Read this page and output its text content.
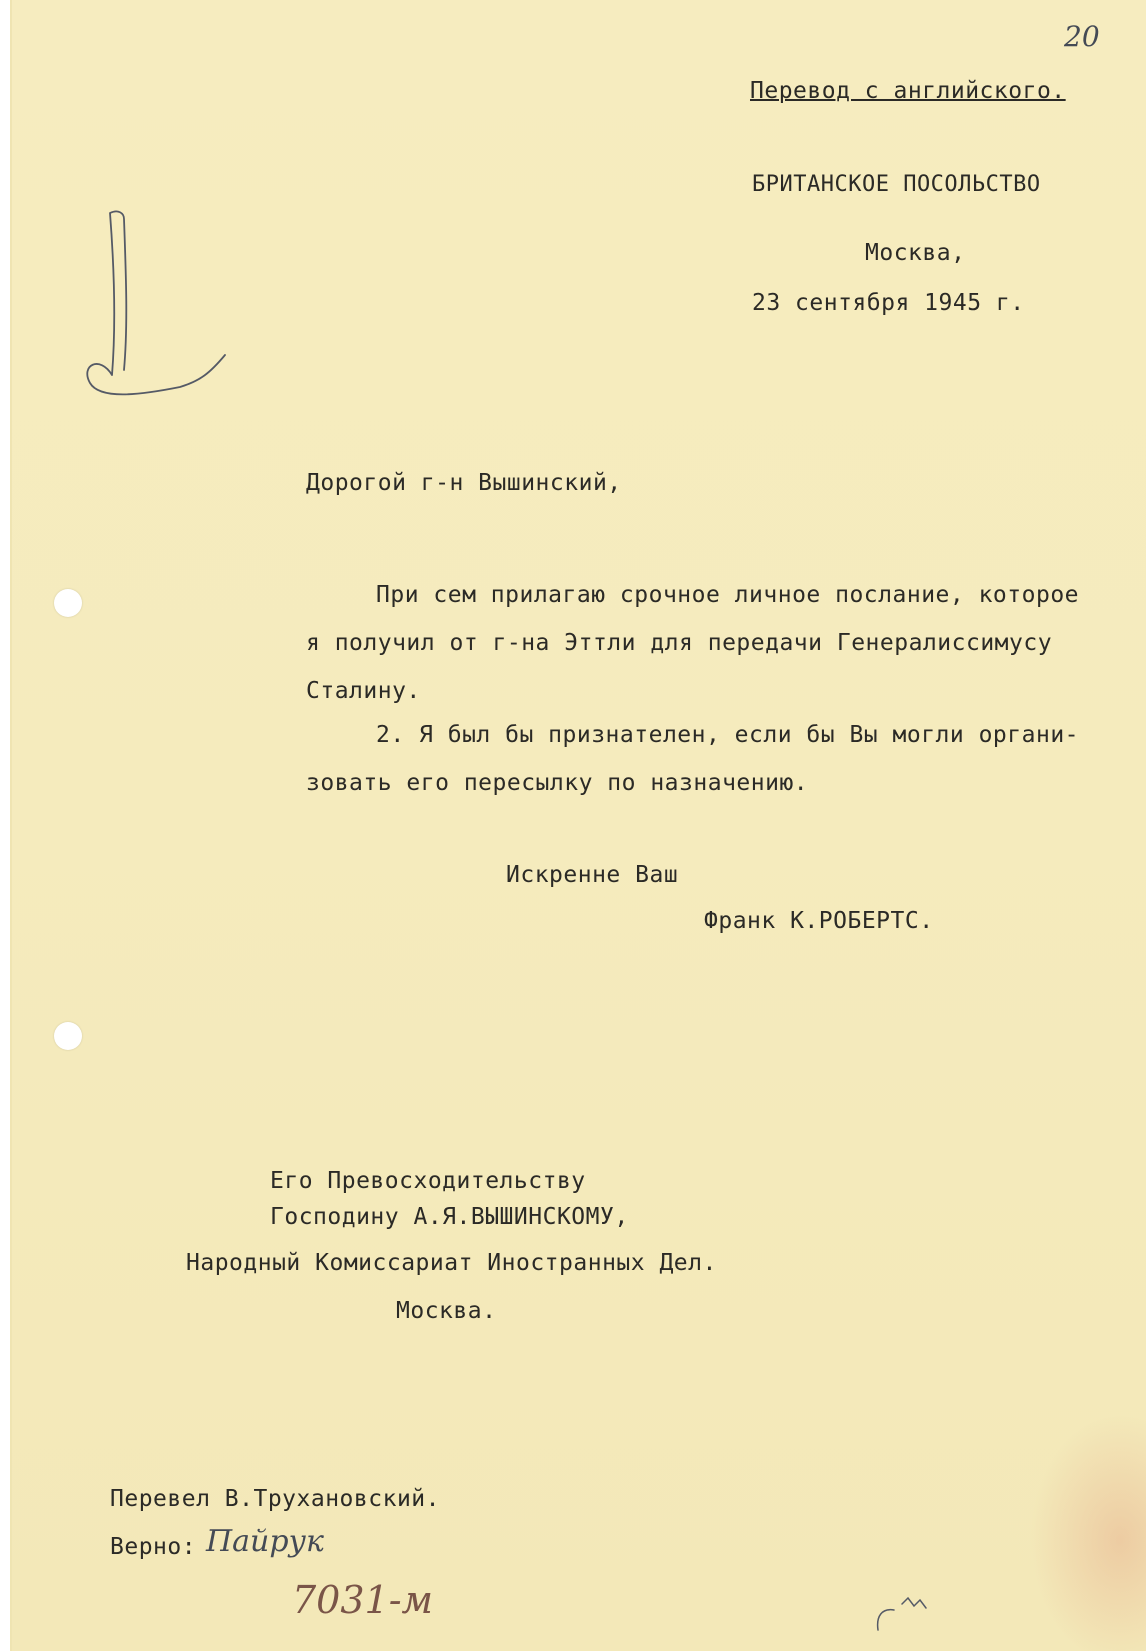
20
Перевод с английского.
БРИТАНСКОЕ ПОСОЛЬСТВО
Москва,
23 сентября 1945 г.
Дорогой г-н Вышинский,
При сем прилагаю срочное личное послание, которое
я получил от г-на Эттли для передачи Генералиссимусу
Сталину.
2. Я был бы признателен, если бы Вы могли органи-
зовать его пересылку по назначению.
Искренне Ваш
Франк К.РОБЕРТС.
Его Превосходительству
Господину А.Я.ВЫШИНСКОМУ,
Народный Комиссариат Иностранных Дел.
Москва.
Перевел В.Трухановский.
Верно: Пайрук
7031-м
